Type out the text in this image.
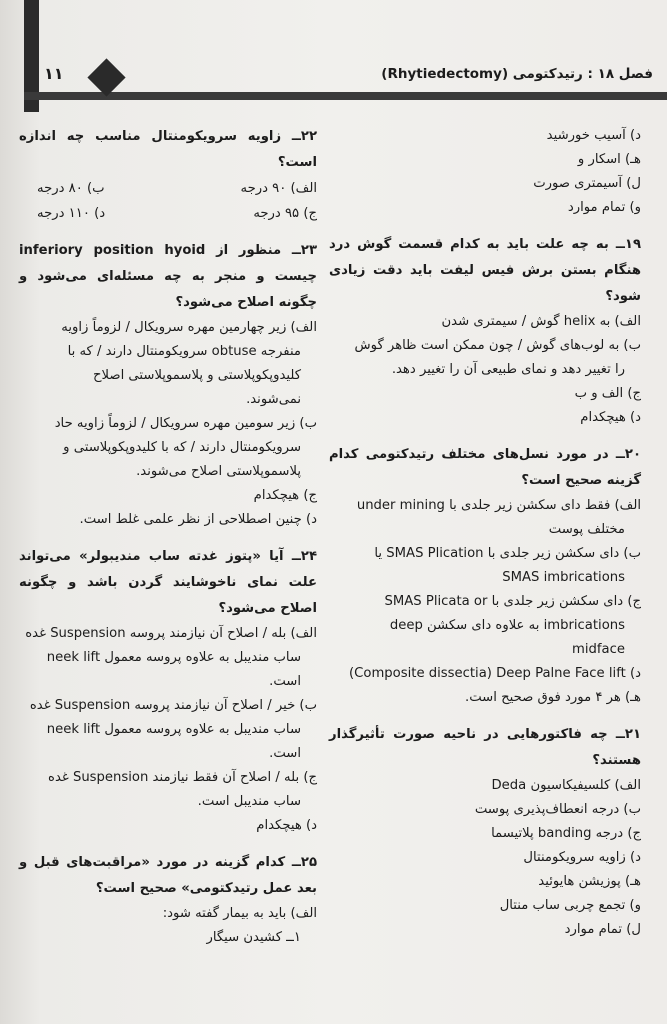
۱۱	فصل ۱۸ : رتیدکتومی (Rhytiedectomy)

د) آسیب خورشید

هـ) اسکار و

ل) آسیمتری صورت

و) تمام موارد

۱۹ــ به چه علت باید به کدام قسمت گوش درد هنگام بستن برش فیس لیفت باید دقت زیادی شود؟

الف) به helix گوش / سیمتری شدن

ب) به لوب‌های گوش / چون ممکن است ظاهر گوش

را تغییر دهد و نمای طبیعی آن را تغییر دهد.

ج) الف و ب

د) هیچکدام

۲۰ــ در مورد نسل‌های مختلف رتیدکتومی کدام گزینه صحیح است؟

الف) فقط دای سکشن زیر جلدی با under mining

مختلف پوست

ب) دای سکشن زیر جلدی با SMAS Plication یا

SMAS imbrications

ج) دای سکشن زیر جلدی با SMAS Plicata or

imbrications به علاوه دای سکشن deep

midface

د) Composite dissectia) Deep Palne Face lift)

هـ) هر ۴ مورد فوق صحیح است.

۲۱ــ چه فاکتورهایی در ناحیه صورت تأثیرگذار هستند؟

الف) کلسیفیکاسیون Deda

ب) درجه انعطاف‌پذیری پوست

ج) درجه banding پلاتیسما

د) زاویه سرویکومنتال

هـ) پوزیشن هایوئید

و) تجمع چربی ساب منتال

ل) تمام موارد

۲۲ــ زاویه سرویکومنتال مناسب چه اندازه است؟

الف) ۹۰ درجه
ب) ۸۰ درجه
ج) ۹۵ درجه
د) ۱۱۰ درجه

۲۳ــ منظور از inferiory position hyoid چیست و منجر به چه مسئله‌ای می‌شود و چگونه اصلاح می‌شود؟

الف) زیر چهارمین مهره سرویکال / لزوماً زاویه

منفرجه obtuse سرویکومنتال دارند / که با

کلیدوپکوپلاستی و پلاسموپلاستی اصلاح

نمی‌شوند.

ب) زیر سومین مهره سرویکال / لزوماً زاویه حاد

سرویکومنتال دارند / که با کلیدوپکوپلاستی و

پلاسموپلاستی اصلاح می‌شوند.

ج) هیچکدام

د) چنین اصطلاحی از نظر علمی غلط است.

۲۴ــ آیا «پتوز غدته ساب مندیبولر» می‌تواند علت نمای ناخوشایند گردن باشد و چگونه اصلاح می‌شود؟

الف) بله / اصلاح آن نیازمند پروسه Suspension غده

ساب مندیبل به علاوه پروسه معمول neek lift

است.

ب) خیر / اصلاح آن نیازمند پروسه Suspension غده

ساب مندیبل به علاوه پروسه معمول neek lift

است.

ج) بله / اصلاح آن فقط نیازمند Suspension غده

ساب مندیبل است.

د) هیچکدام

۲۵ــ کدام گزینه در مورد «مراقبت‌های قبل و بعد عمل رتیدکتومی» صحیح است؟

الف) باید به بیمار گفته شود:

۱ــ کشیدن سیگار
